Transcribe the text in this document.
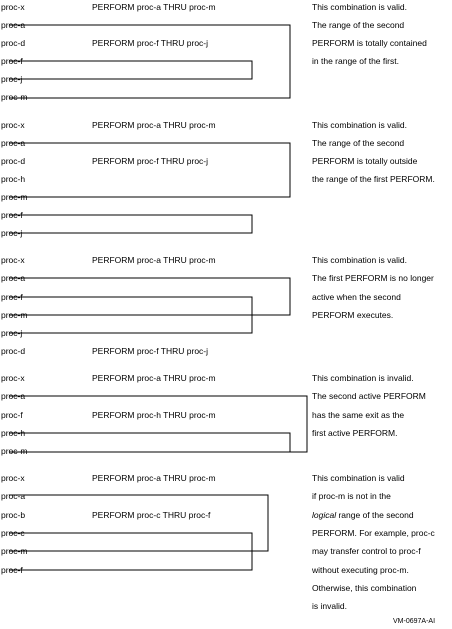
proc-x
proc-a
proc-d
proc-f
proc-j
proc-m
PERFORM proc-a THRU proc-m
PERFORM proc-f THRU proc-j
This combination is valid.
The range of the second
PERFORM is totally contained
in the range of the first.
proc-x
proc-a
proc-d
proc-h
proc-m
proc-f
proc-j
PERFORM proc-a THRU proc-m
PERFORM proc-f THRU proc-j
This combination is valid.
The range of the second
PERFORM is totally outside
the range of the first PERFORM.
proc-x
proc-a
proc-f
proc-m
proc-j
proc-d
PERFORM proc-a THRU proc-m
PERFORM proc-f THRU proc-j
This combination is valid.
The first PERFORM is no longer
active when the second
PERFORM executes.
proc-x
proc-a
proc-f
proc-h
proc-m
PERFORM proc-a THRU proc-m
PERFORM proc-h THRU proc-m
This combination is invalid.
The second active PERFORM
has the same exit as the
first active PERFORM.
proc-x
proc-a
proc-b
proc-c
proc-m
proc-f
PERFORM proc-a THRU proc-m
PERFORM proc-c THRU proc-f
This combination is valid
if proc-m is not in the
logical range of the second
PERFORM. For example, proc-c
may transfer control to proc-f
without executing proc-m.
Otherwise, this combination
is invalid.
VM-0697A-AI
